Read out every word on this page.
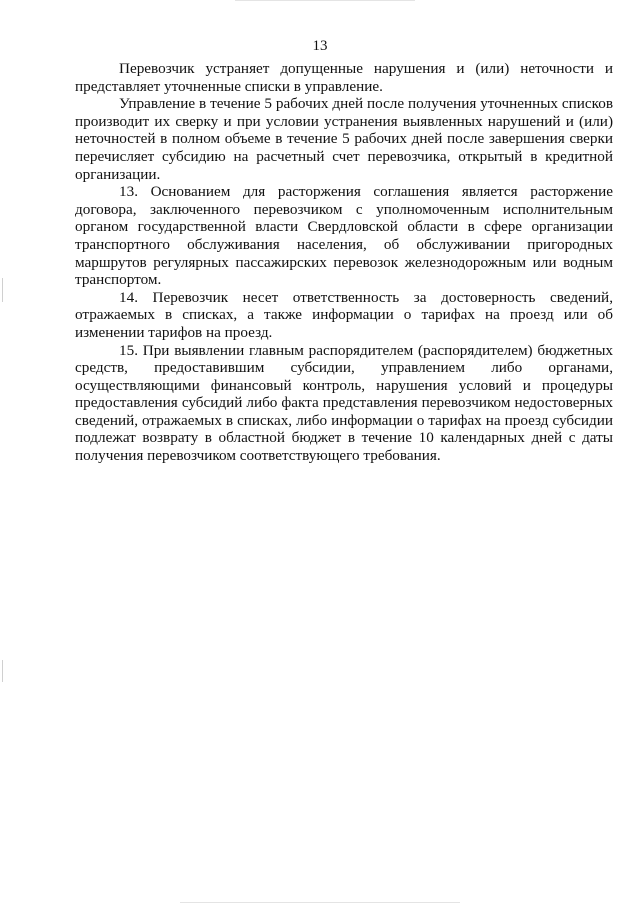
13

Перевозчик устраняет допущенные нарушения и (или) неточности и представляет уточненные списки в управление.

Управление в течение 5 рабочих дней после получения уточненных списков производит их сверку и при условии устранения выявленных нарушений и (или) неточностей в полном объеме в течение 5 рабочих дней после завершения сверки перечисляет субсидию на расчетный счет перевозчика, открытый в кредитной организации.

13. Основанием для расторжения соглашения является расторжение договора, заключенного перевозчиком с уполномоченным исполнительным органом государственной власти Свердловской области в сфере организации транспортного обслуживания населения, об обслуживании пригородных маршрутов регулярных пассажирских перевозок железнодорожным или водным транспортом.

14. Перевозчик несет ответственность за достоверность сведений, отражаемых в списках, а также информации о тарифах на проезд или об изменении тарифов на проезд.

15. При выявлении главным распорядителем (распорядителем) бюджетных средств, предоставившим субсидии, управлением либо органами, осуществляющими финансовый контроль, нарушения условий и процедуры предоставления субсидий либо факта представления перевозчиком недостоверных сведений, отражаемых в списках, либо информации о тарифах на проезд субсидии подлежат возврату в областной бюджет в течение 10 календарных дней с даты получения перевозчиком соответствующего требования.
